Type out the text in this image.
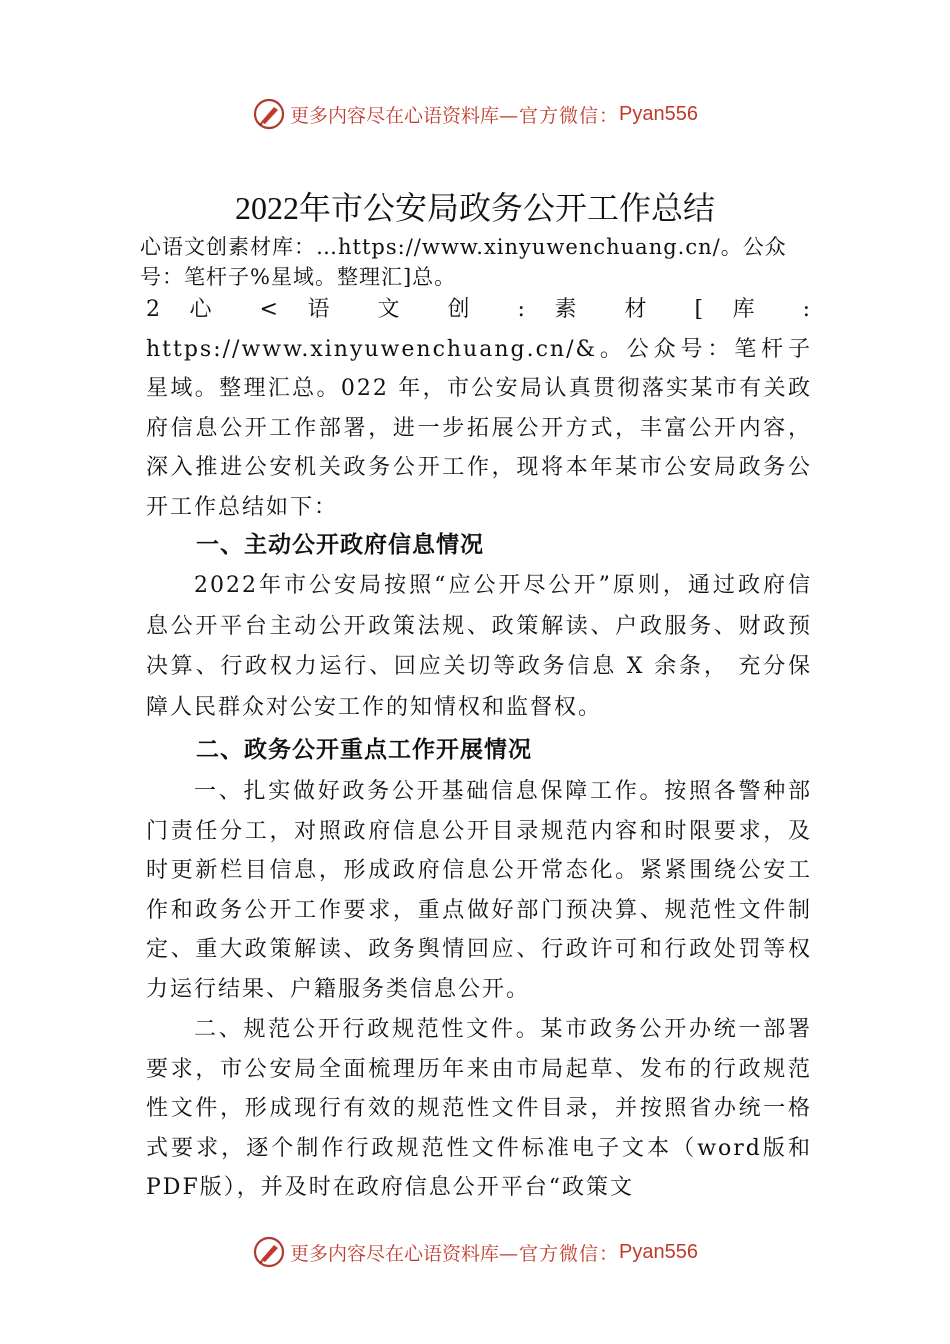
更多内容尽在心语资料库 —官方微信： Pyan556
2022年市公安局政务公开工作总结
心语文创素材库：…https://www.xinyuwenchuang.cn/。公众号：笔杆子%星域。整理汇]总。
2 心 < 语 文 创 : 素 材 [ 库 : https://www.xinyuwenchuang.cn/&。公众号：笔杆子星域。整理汇总。022 年，市公安局认真贯彻落实某市有关政府信息公开工作部署，进一步拓展公开方式，丰富公开内容，深入推进公安机关政务公开工作，现将本年某市公安局政务公开工作总结如下：
一、主动公开政府信息情况
2022年市公安局按照“应公开尽公开”原则，通过政府信息公开平台主动公开政策法规、政策解读、户政服务、财政预决算、行政权力运行、回应关切等政务信息 X 余条， 充分保障人民群众对公安工作的知情权和监督权。
二、政务公开重点工作开展情况
一、扎实做好政务公开基础信息保障工作。按照各警种部门责任分工，对照政府信息公开目录规范内容和时限要求，及时更新栏目信息，形成政府信息公开常态化。紧紧围绕公安工作和政务公开工作要求，重点做好部门预决算、规范性文件制定、重大政策解读、政务舆情回应、行政许可和行政处罚等权力运行结果、户籍服务类信息公开。
二、规范公开行政规范性文件。某市政务公开办统一部署要求，市公安局全面梳理历年来由市局起草、发布的行政规范性文件，形成现行有效的规范性文件目录，并按照省办统一格式要求，逐个制作行政规范性文件标准电子文本（word版和 PDF版），并及时在政府信息公开平台“政策文
更多内容尽在心语资料库 —官方微信： Pyan556
